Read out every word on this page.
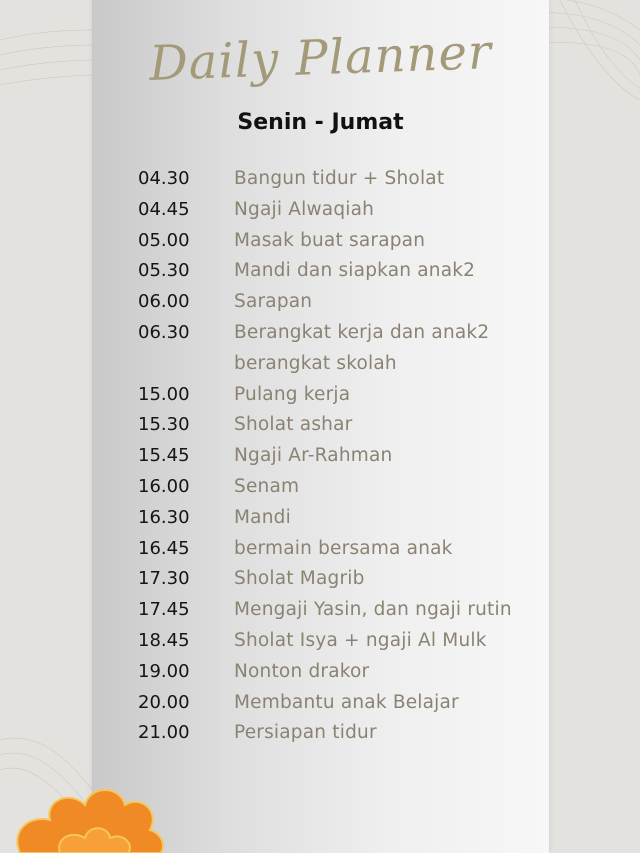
Daily Planner
Senin - Jumat
04.30	Bangun tidur + Sholat
04.45	Ngaji Alwaqiah
05.00	Masak buat sarapan
05.30	Mandi dan siapkan anak2
06.00	Sarapan
06.30	Berangkat kerja dan anak2 berangkat skolah
15.00	Pulang kerja
15.30	Sholat ashar
15.45	Ngaji Ar-Rahman
16.00	Senam
16.30	Mandi
16.45	bermain bersama anak
17.30	Sholat Magrib
17.45	Mengaji Yasin, dan ngaji rutin
18.45	Sholat Isya + ngaji Al Mulk
19.00	Nonton drakor
20.00	Membantu anak Belajar
21.00	Persiapan tidur
